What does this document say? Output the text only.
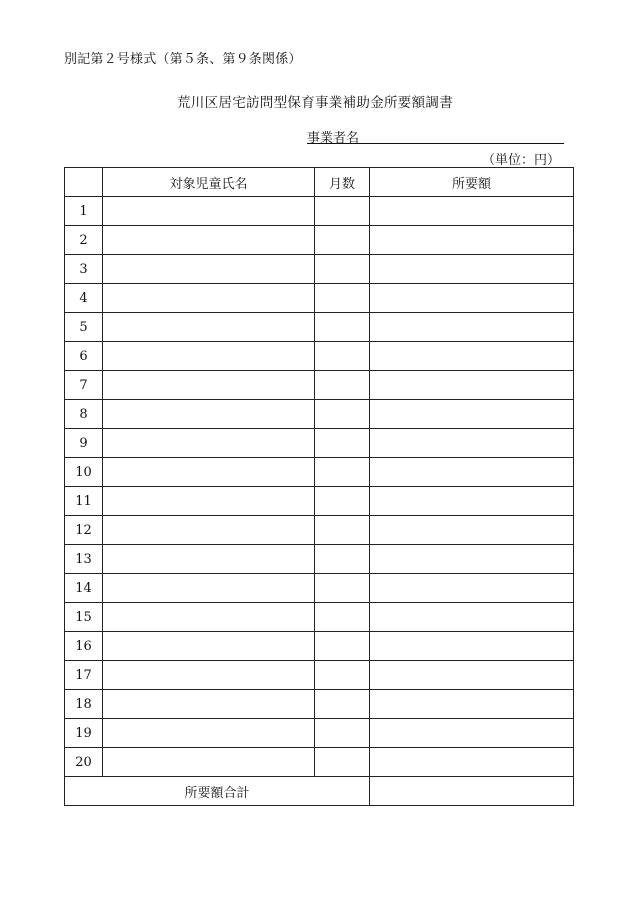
別記第２号様式（第５条、第９条関係）
荒川区居宅訪問型保育事業補助金所要額調書
事業者名
（単位：円）
	対象児童氏名	月数	所要額
1			
2			
3			
4			
5			
6			
7			
8			
9			
10			
11			
12			
13			
14			
15			
16			
17			
18			
19			
20			
所要額合計			
